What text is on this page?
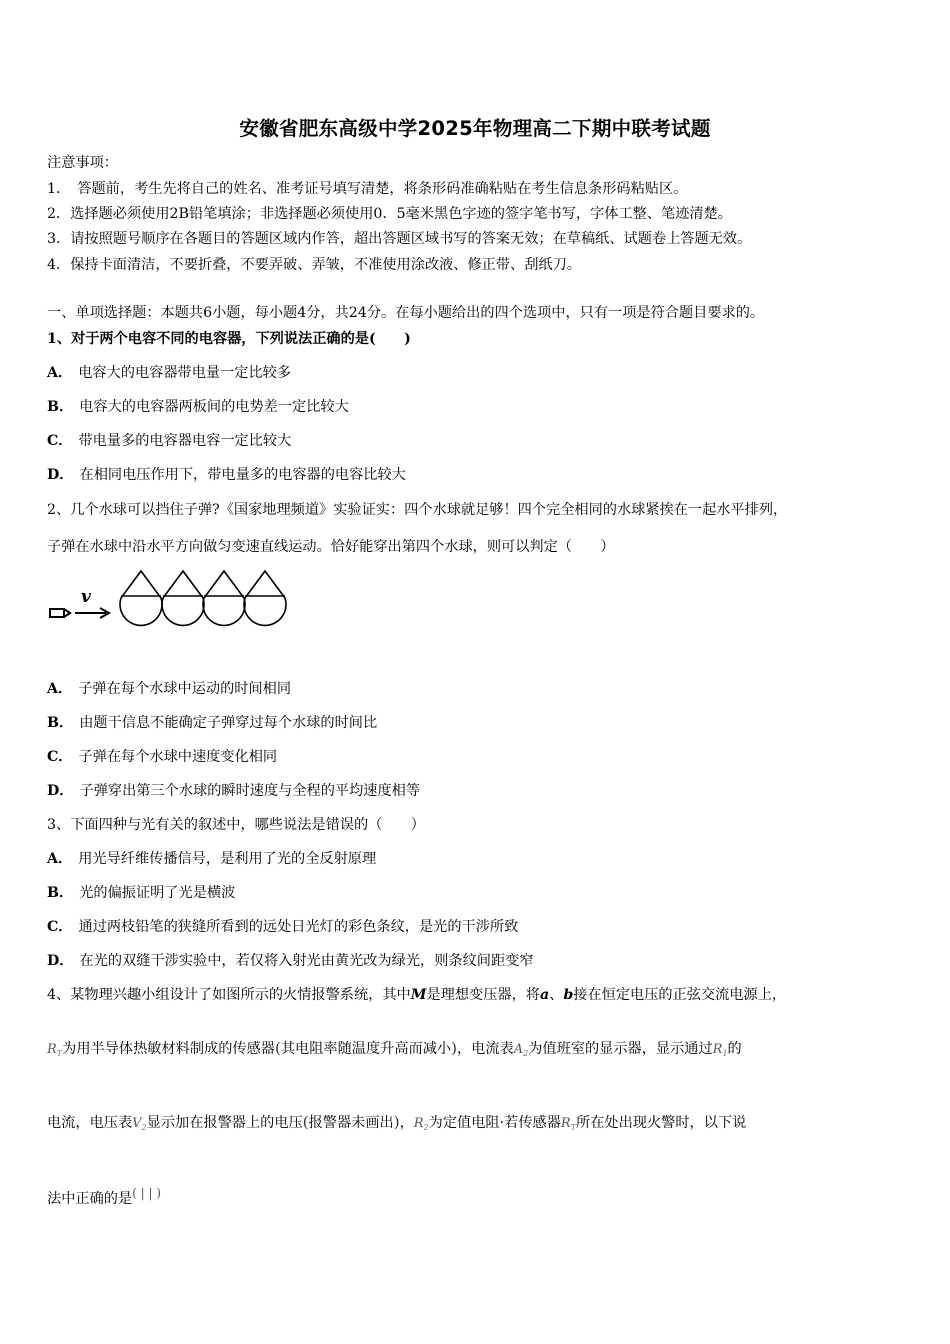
安徽省肥东高级中学2025年物理高二下期中联考试题
注意事项：
1．　答题前，考生先将自己的姓名、准考证号填写清楚，将条形码准确粘贴在考生信息条形码粘贴区。
2．选择题必须使用2B铅笔填涂；非选择题必须使用0．5毫米黑色字迹的签字笔书写，字体工整、笔迹清楚。
3．请按照题号顺序在各题目的答题区域内作答，超出答题区域书写的答案无效；在草稿纸、试题卷上答题无效。
4．保持卡面清洁，不要折叠，不要弄破、弄皱，不准使用涂改液、修正带、刮纸刀。
一、单项选择题：本题共6小题，每小题4分，共24分。在每小题给出的四个选项中，只有一项是符合题目要求的。
1、对于两个电容不同的电容器，下列说法正确的是(　　)
A． 电容大的电容器带电量一定比较多
B． 电容大的电容器两板间的电势差一定比较大
C． 带电量多的电容器电容一定比较大
D． 在相同电压作用下，带电量多的电容器的电容比较大
2、几个水球可以挡住子弹?《国家地理频道》实验证实：四个水球就足够！四个完全相同的水球紧挨在一起水平排列，
子弹在水球中沿水平方向做匀变速直线运动。恰好能穿出第四个水球，则可以判定（　　）
v
A． 子弹在每个水球中运动的时间相同
B． 由题干信息不能确定子弹穿过每个水球的时间比
C． 子弹在每个水球中速度变化相同
D． 子弹穿出第三个水球的瞬时速度与全程的平均速度相等
3、下面四种与光有关的叙述中，哪些说法是错误的（　　）
A． 用光导纤维传播信号，是利用了光的全反射原理
B． 光的偏振证明了光是横波
C． 通过两枝铅笔的狭缝所看到的远处日光灯的彩色条纹，是光的干涉所致
D． 在光的双缝干涉实验中，若仅将入射光由黄光改为绿光，则条纹间距变窄
4、某物理兴趣小组设计了如图所示的火情报警系统，其中M是理想变压器，将a、b接在恒定电压的正弦交流电源上，
$R_T$为用半导体热敏材料制成的传感器(其电阻率随温度升高而减小)，电流表$A_2$为值班室的显示器，显示通过$R_1$的
电流，电压表$V_2$显示加在报警器上的电压(报警器未画出)，$R_2$为定值电阻·若传感器$R_T$所在处出现火警时，以下说
法中正确的是( | | )
